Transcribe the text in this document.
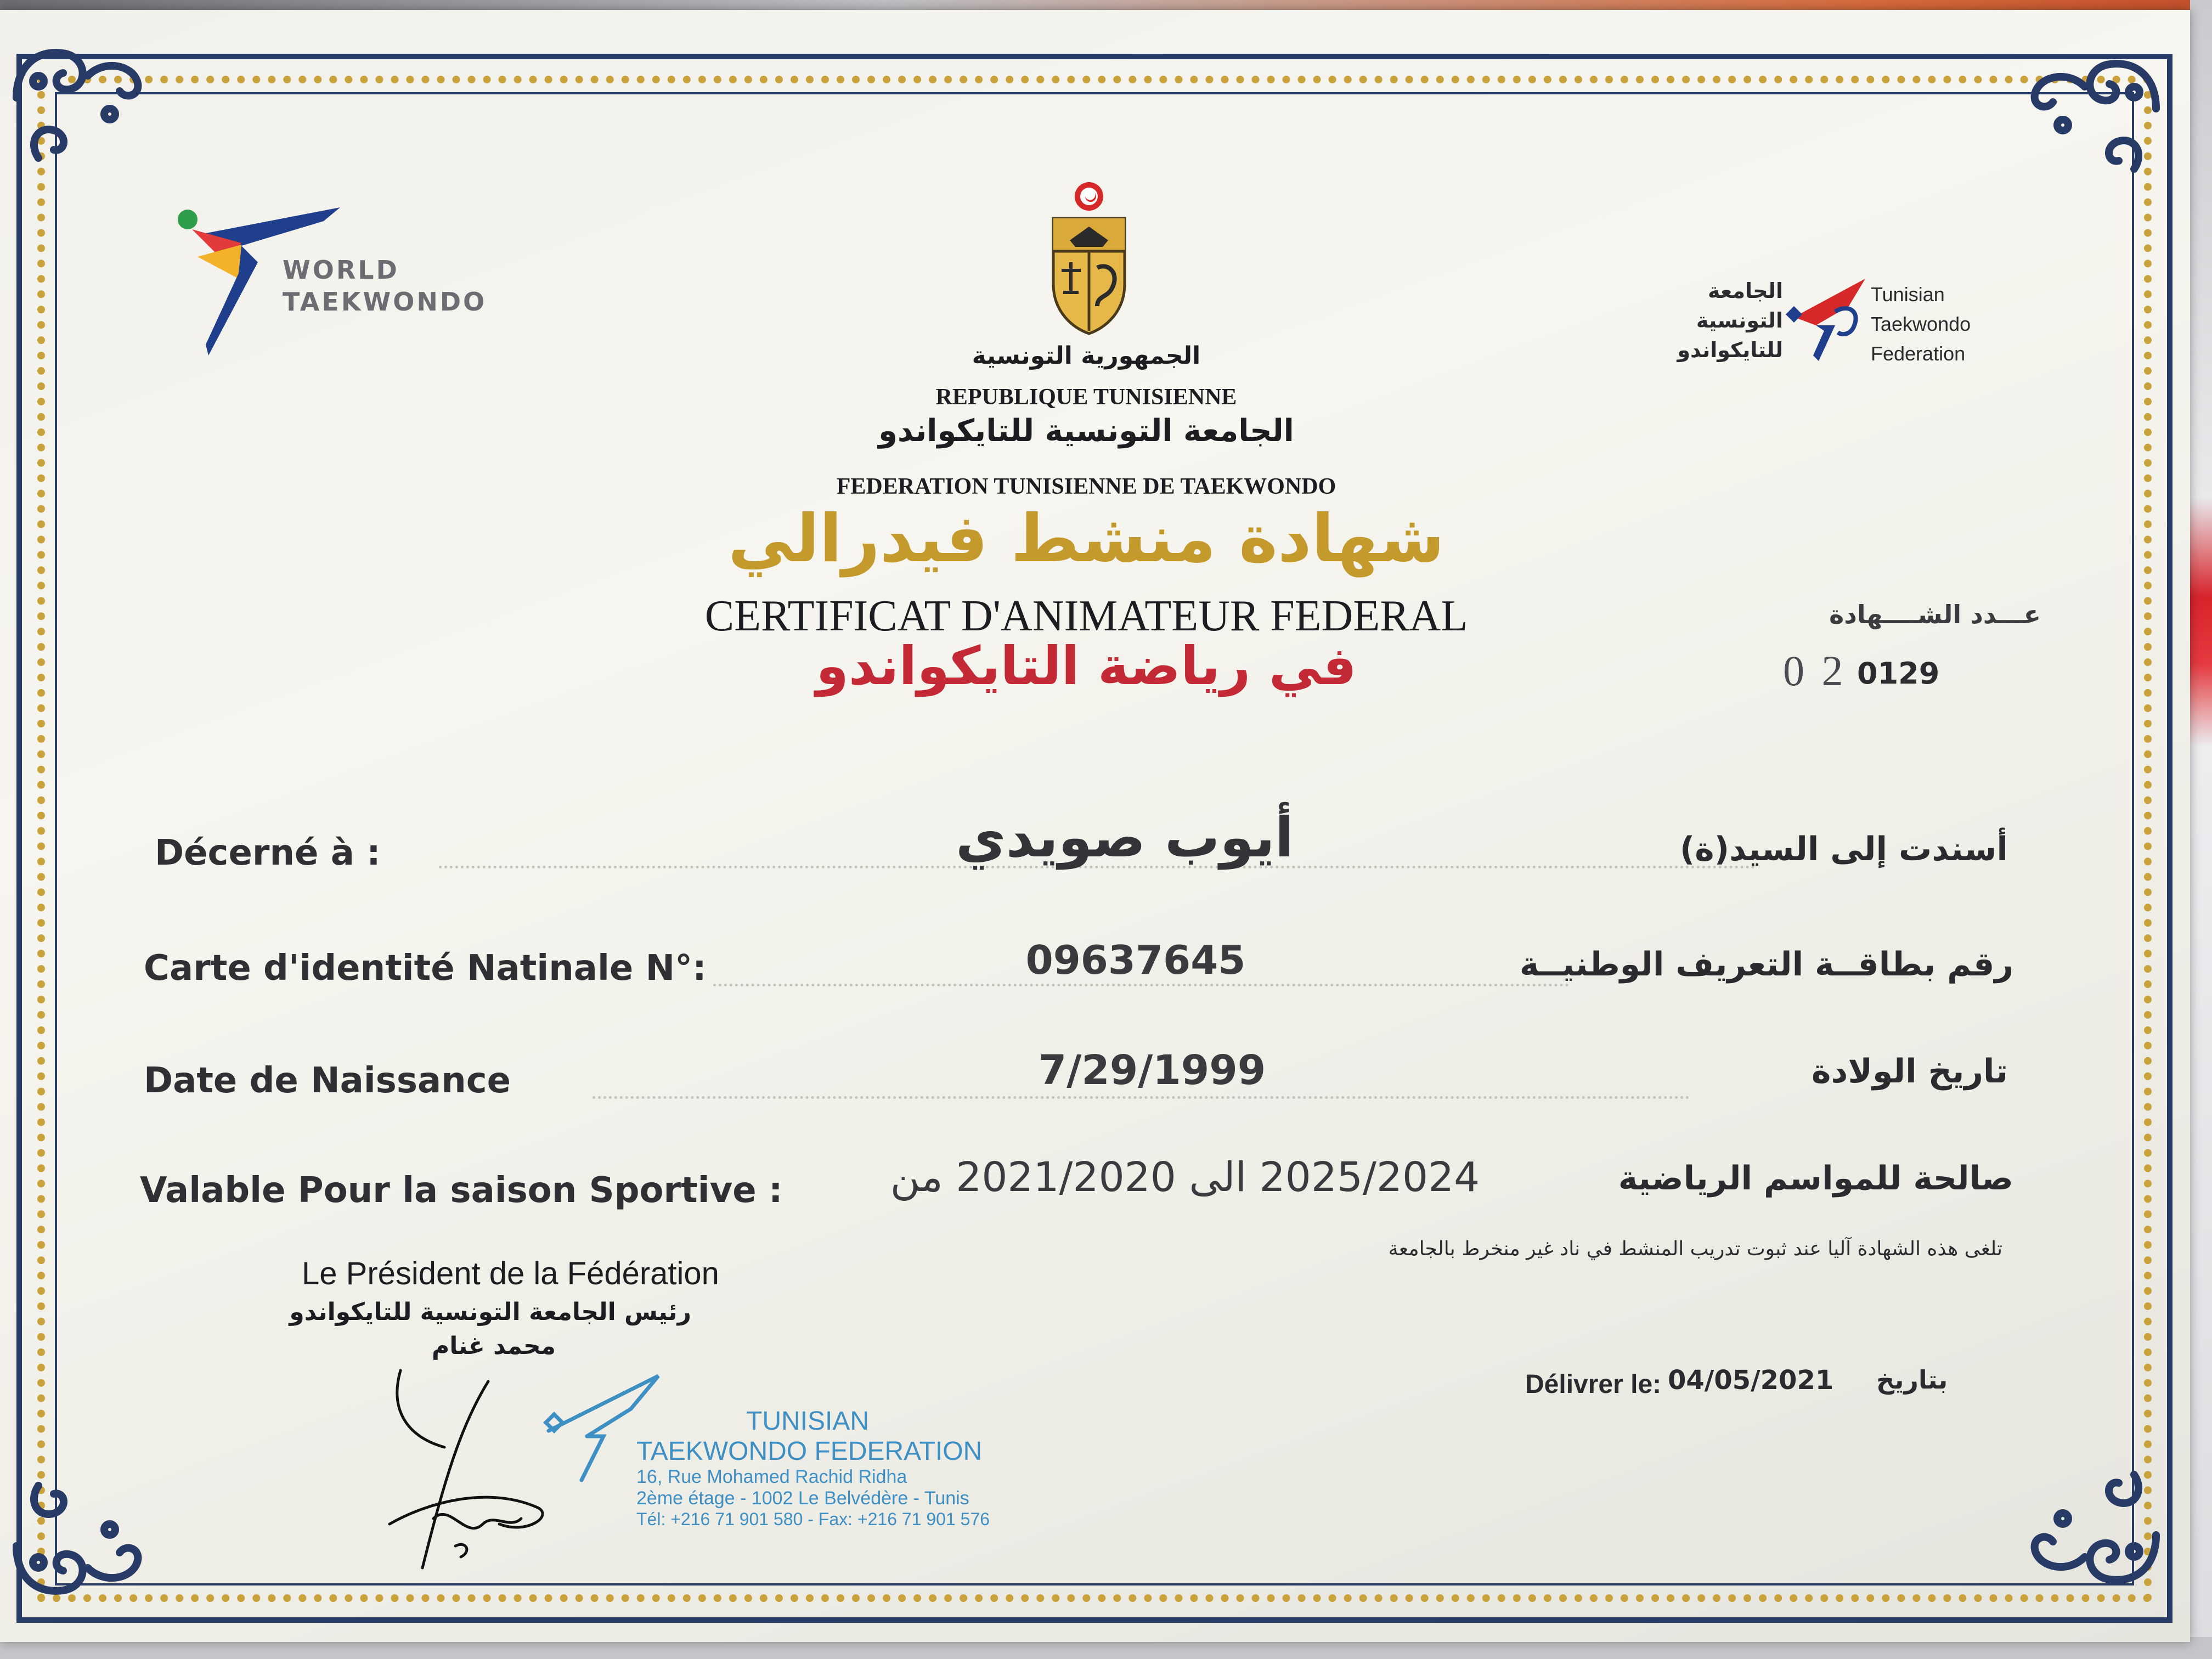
WORLD
TAEKWONDO
الجمهورية التونسية
REPUBLIQUE TUNISIENNE
الجامعة التونسية للتايكواندو
FEDERATION TUNISIENNE DE TAEKWONDO
الجامعة
التونسية
للتايكواندو
Tunisian
Taekwondo
Federation
شهادة منشط فيدرالي
CERTIFICAT D'ANIMATEUR FEDERAL
في رياضة التايكواندو
عـــدد الشــــهادة
0 2 0129
Décerné à :	أيوب صويدي	أسندت إلى السيد(ة)
Carte d'identité Natinale N°:	09637645	رقم بطاقــة التعريف الوطنيــة
Date de Naissance	7/29/1999	تاريخ الولادة
Valable Pour la saison Sportive :	2025/2024 الى 2021/2020 من	صالحة للمواسم الرياضية
تلغى هذه الشهادة آليا عند ثبوت تدريب المنشط في ناد غير منخرط بالجامعة
Le Président de la Fédération
رئيس الجامعة التونسية للتايكواندو
محمد غنام
TUNISIAN
TAEKWONDO FEDERATION
16, Rue Mohamed Rachid Ridha
2ème étage - 1002 Le Belvédère - Tunis
Tél: +216 71 901 580 - Fax: +216 71 901 576
Délivrer le: 04/05/2021 بتاريخ
